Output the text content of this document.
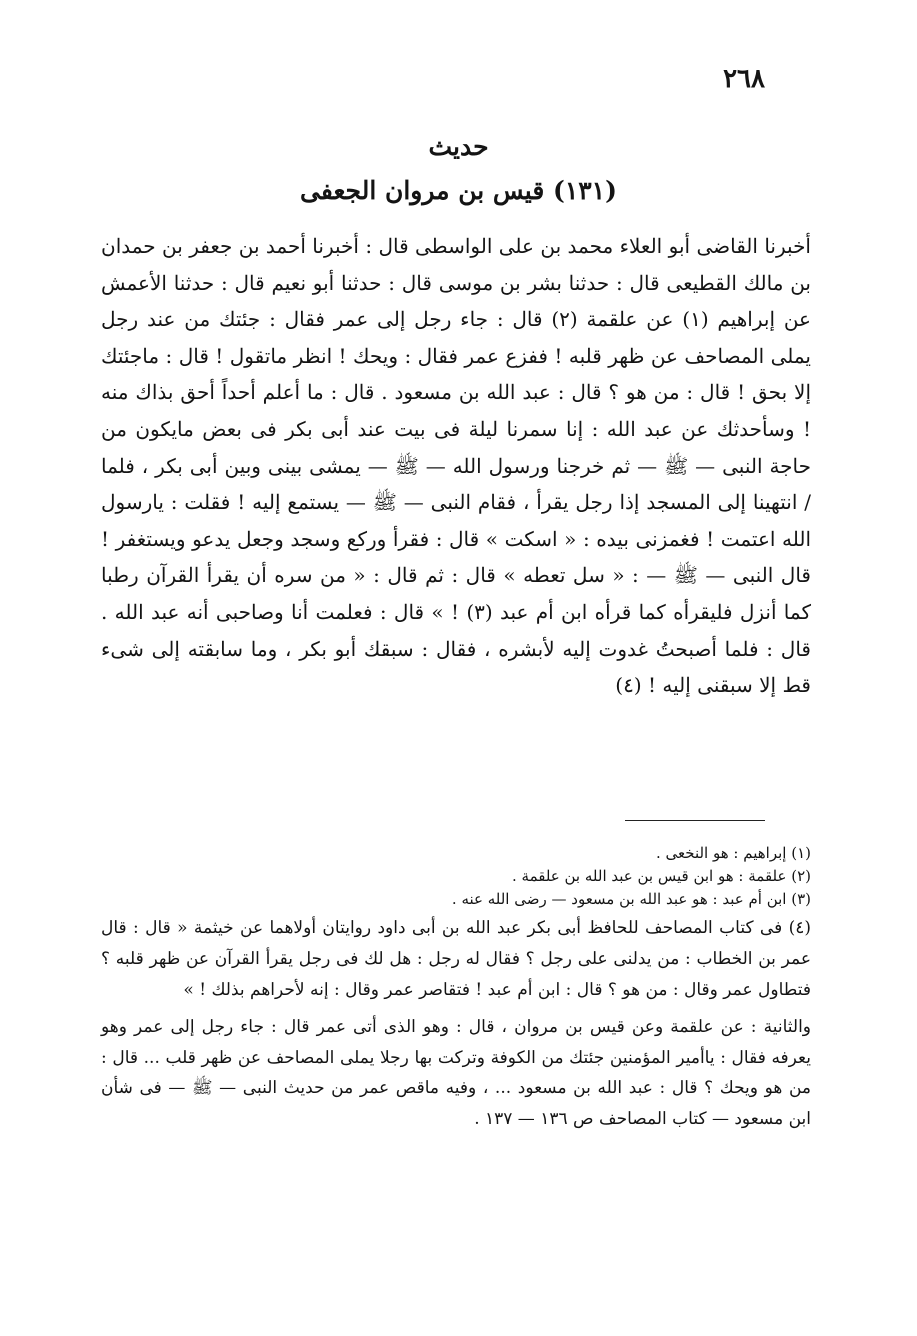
٢٦٨
حديث
(١٣١) قيس بن مروان الجعفى

أخبرنا القاضى أبو العلاء محمد بن على الواسطى قال : أخبرنا أحمد بن جعفر بن حمدان بن مالك القطيعى قال : حدثنا بشر بن موسى قال : حدثنا أبو نعيم قال : حدثنا الأعمش عن إبراهيم (١) عن علقمة (٢) قال : جاء رجل إلى عمر فقال : جئتك من عند رجل يملى المصاحف عن ظهر قلبه ! ففزع عمر فقال : ويحك ! انظر ماتقول ! قال : ماجئتك إلا بحق ! قال : من هو ؟ قال : عبد الله بن مسعود . قال : ما أعلم أحداً أحق بذاك منه ! وسأحدثك عن عبد الله : إنا سمرنا ليلة فى بيت عند أبى بكر فى بعض مايكون من حاجة النبى — ﷺ — ثم خرجنا ورسول الله — ﷺ — يمشى بينى وبين أبى بكر ، فلما / انتهينا إلى المسجد إذا رجل يقرأ ، فقام النبى — ﷺ — يستمع إليه ! فقلت : يارسول الله اعتمت ! فغمزنى بيده : « اسكت » قال : فقرأ وركع وسجد وجعل يدعو ويستغفر ! قال النبى — ﷺ — : « سل تعطه » قال : ثم قال : « من سره أن يقرأ القرآن رطبا كما أنزل فليقرأه كما قرأه ابن أم عبد (٣) ! » قال : فعلمت أنا وصاحبى أنه عبد الله . قال : فلما أصبحتُ غدوت إليه لأبشره ، فقال : سبقك أبو بكر ، وما سابقته إلى شىء قط إلا سبقنى إليه ! (٤)

(١) إبراهيم : هو النخعى .

(٢) علقمة : هو ابن قيس بن عبد الله بن علقمة .

(٣) ابن أم عبد : هو عبد الله بن مسعود — رضى الله عنه .

(٤) فى كتاب المصاحف للحافظ أبى بكر عبد الله بن أبى داود روايتان أولاهما عن خيثمة « قال : قال عمر بن الخطاب : من يدلنى على رجل ؟ فقال له رجل : هل لك فى رجل يقرأ القرآن عن ظهر قلبه ؟ فتطاول عمر وقال : من هو ؟ قال : ابن أم عبد ! فتقاصر عمر وقال : إنه لأحراهم بذلك ! »

والثانية : عن علقمة وعن قيس بن مروان ، قال : وهو الذى أتى عمر قال : جاء رجل إلى عمر وهو يعرفه فقال : ياأمير المؤمنين جئتك من الكوفة وتركت بها رجلا يملى المصاحف عن ظهر قلب ... قال : من هو ويحك ؟ قال : عبد الله بن مسعود ... ، وفيه ماقص عمر من حديث النبى — ﷺ — فى شأن ابن مسعود — كتاب المصاحف ص ١٣٦ — ١٣٧ .
